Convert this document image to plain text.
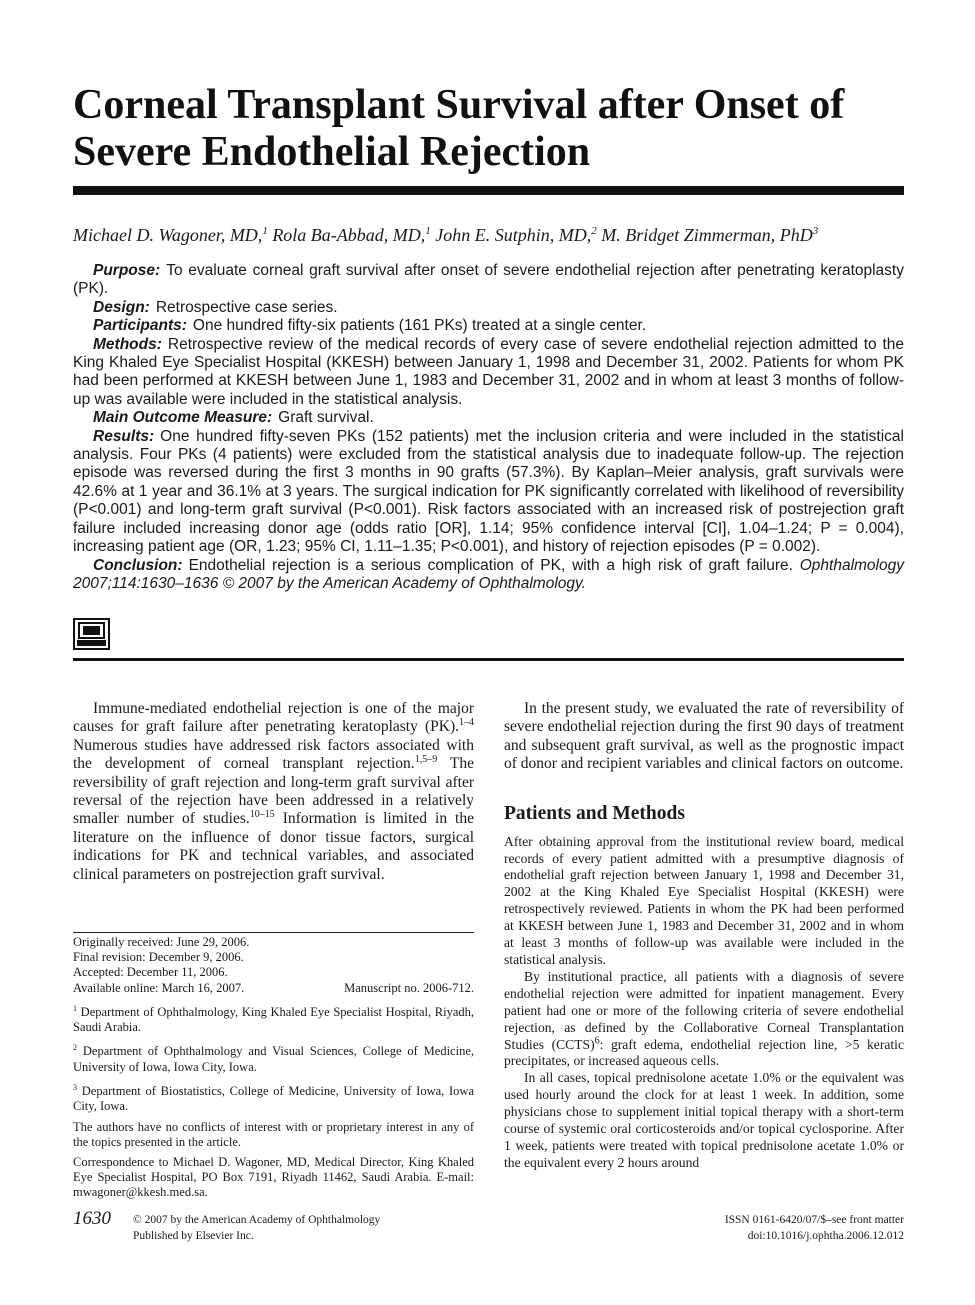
Corneal Transplant Survival after Onset of Severe Endothelial Rejection
Michael D. Wagoner, MD,$^1$ Rola Ba-Abbad, MD,$^1$ John E. Sutphin, MD,$^2$ M. Bridget Zimmerman, PhD$^3$

Purpose: To evaluate corneal graft survival after onset of severe endothelial rejection after penetrating keratoplasty (PK).

Design: Retrospective case series.

Participants: One hundred fifty-six patients (161 PKs) treated at a single center.

Methods: Retrospective review of the medical records of every case of severe endothelial rejection admitted to the King Khaled Eye Specialist Hospital (KKESH) between January 1, 1998 and December 31, 2002. Patients for whom PK had been performed at KKESH between June 1, 1983 and December 31, 2002 and in whom at least 3 months of follow-up was available were included in the statistical analysis.

Main Outcome Measure: Graft survival.

Results: One hundred fifty-seven PKs (152 patients) met the inclusion criteria and were included in the statistical analysis. Four PKs (4 patients) were excluded from the statistical analysis due to inadequate follow-up. The rejection episode was reversed during the first 3 months in 90 grafts (57.3%). By Kaplan–Meier analysis, graft survivals were 42.6% at 1 year and 36.1% at 3 years. The surgical indication for PK significantly correlated with likelihood of reversibility (P<0.001) and long-term graft survival (P<0.001). Risk factors associated with an increased risk of postrejection graft failure included increasing donor age (odds ratio [OR], 1.14; 95% confidence interval [CI], 1.04–1.24; P = 0.004), increasing patient age (OR, 1.23; 95% CI, 1.11–1.35; P<0.001), and history of rejection episodes (P = 0.002).

Conclusion: Endothelial rejection is a serious complication of PK, with a high risk of graft failure. Ophthalmology 2007;114:1630–1636 © 2007 by the American Academy of Ophthalmology.

Immune-mediated endothelial rejection is one of the major causes for graft failure after penetrating keratoplasty (PK).$^{1-4}$ Numerous studies have addressed risk factors associated with the development of corneal transplant rejection.$^{1,5-9}$ The reversibility of graft rejection and long-term graft survival after reversal of the rejection have been addressed in a relatively smaller number of studies.$^{10-15}$ Information is limited in the literature on the influence of donor tissue factors, surgical indications for PK and technical variables, and associated clinical parameters on postrejection graft survival.

Originally received: June 29, 2006.

Final revision: December 9, 2006.

Accepted: December 11, 2006.

Available online: March 16, 2007.	Manuscript no. 2006-712.

$^1$ Department of Ophthalmology, King Khaled Eye Specialist Hospital, Riyadh, Saudi Arabia.

$^2$ Department of Ophthalmology and Visual Sciences, College of Medicine, University of Iowa, Iowa City, Iowa.

$^3$ Department of Biostatistics, College of Medicine, University of Iowa, Iowa City, Iowa.

The authors have no conflicts of interest with or proprietary interest in any of the topics presented in the article.

Correspondence to Michael D. Wagoner, MD, Medical Director, King Khaled Eye Specialist Hospital, PO Box 7191, Riyadh 11462, Saudi Arabia. E-mail: mwagoner@kkesh.med.sa.

In the present study, we evaluated the rate of reversibility of severe endothelial rejection during the first 90 days of treatment and subsequent graft survival, as well as the prognostic impact of donor and recipient variables and clinical factors on outcome.

Patients and Methods

After obtaining approval from the institutional review board, medical records of every patient admitted with a presumptive diagnosis of endothelial graft rejection between January 1, 1998 and December 31, 2002 at the King Khaled Eye Specialist Hospital (KKESH) were retrospectively reviewed. Patients in whom the PK had been performed at KKESH between June 1, 1983 and December 31, 2002 and in whom at least 3 months of follow-up was available were included in the statistical analysis.

By institutional practice, all patients with a diagnosis of severe endothelial rejection were admitted for inpatient management. Every patient had one or more of the following criteria of severe endothelial rejection, as defined by the Collaborative Corneal Transplantation Studies (CCTS)$^6$: graft edema, endothelial rejection line, >5 keratic precipitates, or increased aqueous cells.

In all cases, topical prednisolone acetate 1.0% or the equivalent was used hourly around the clock for at least 1 week. In addition, some physicians chose to supplement initial topical therapy with a short-term course of systemic oral corticosteroids and/or topical cyclosporine. After 1 week, patients were treated with topical prednisolone acetate 1.0% or the equivalent every 2 hours around

1630 © 2007 by the American Academy of Ophthalmology
Published by Elsevier Inc.
ISSN 0161-6420/07/$–see front matter
doi:10.1016/j.ophtha.2006.12.012
